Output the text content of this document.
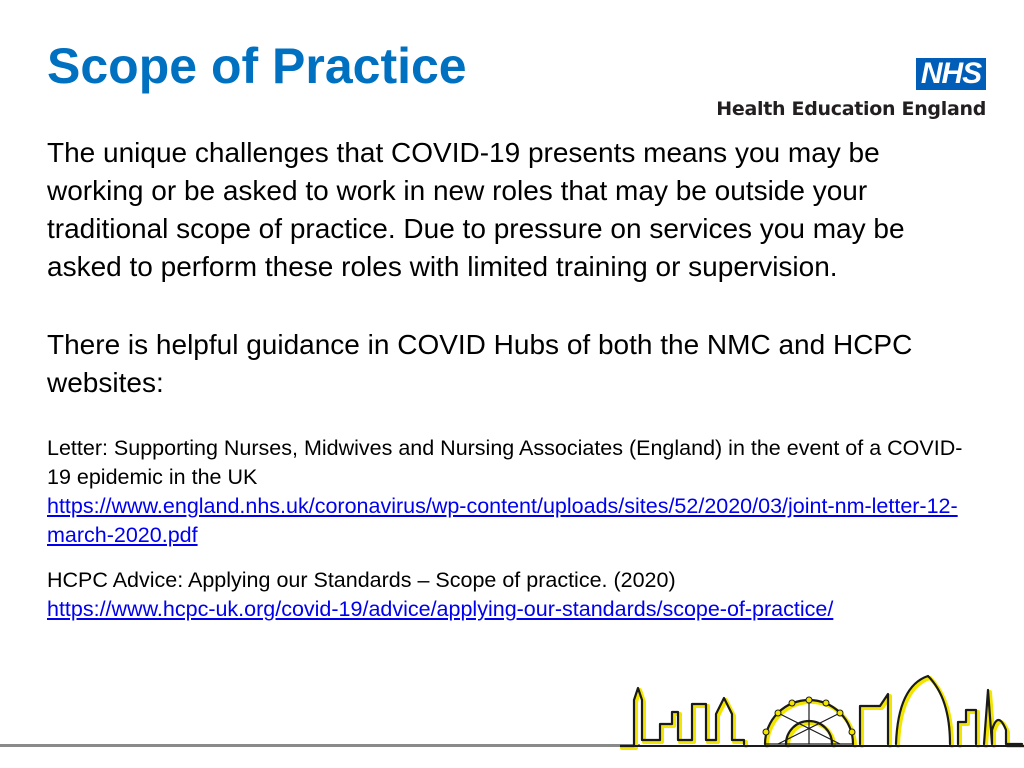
Scope of Practice	NHS
Health Education England

The unique challenges that COVID-19 presents means you may be working or be asked to work in new roles that may be outside your traditional scope of practice. Due to pressure on services you may be asked to perform these roles with limited training or supervision.

There is helpful guidance in COVID Hubs of both the NMC and HCPC websites:

Letter: Supporting Nurses, Midwives and Nursing Associates (England) in the event of a COVID-19 epidemic in the UK
https://www.england.nhs.uk/coronavirus/wp-content/uploads/sites/52/2020/03/joint-nm-letter-12-march-2020.pdf

HCPC Advice: Applying our Standards – Scope of practice. (2020)
https://www.hcpc-uk.org/covid-19/advice/applying-our-standards/scope-of-practice/
